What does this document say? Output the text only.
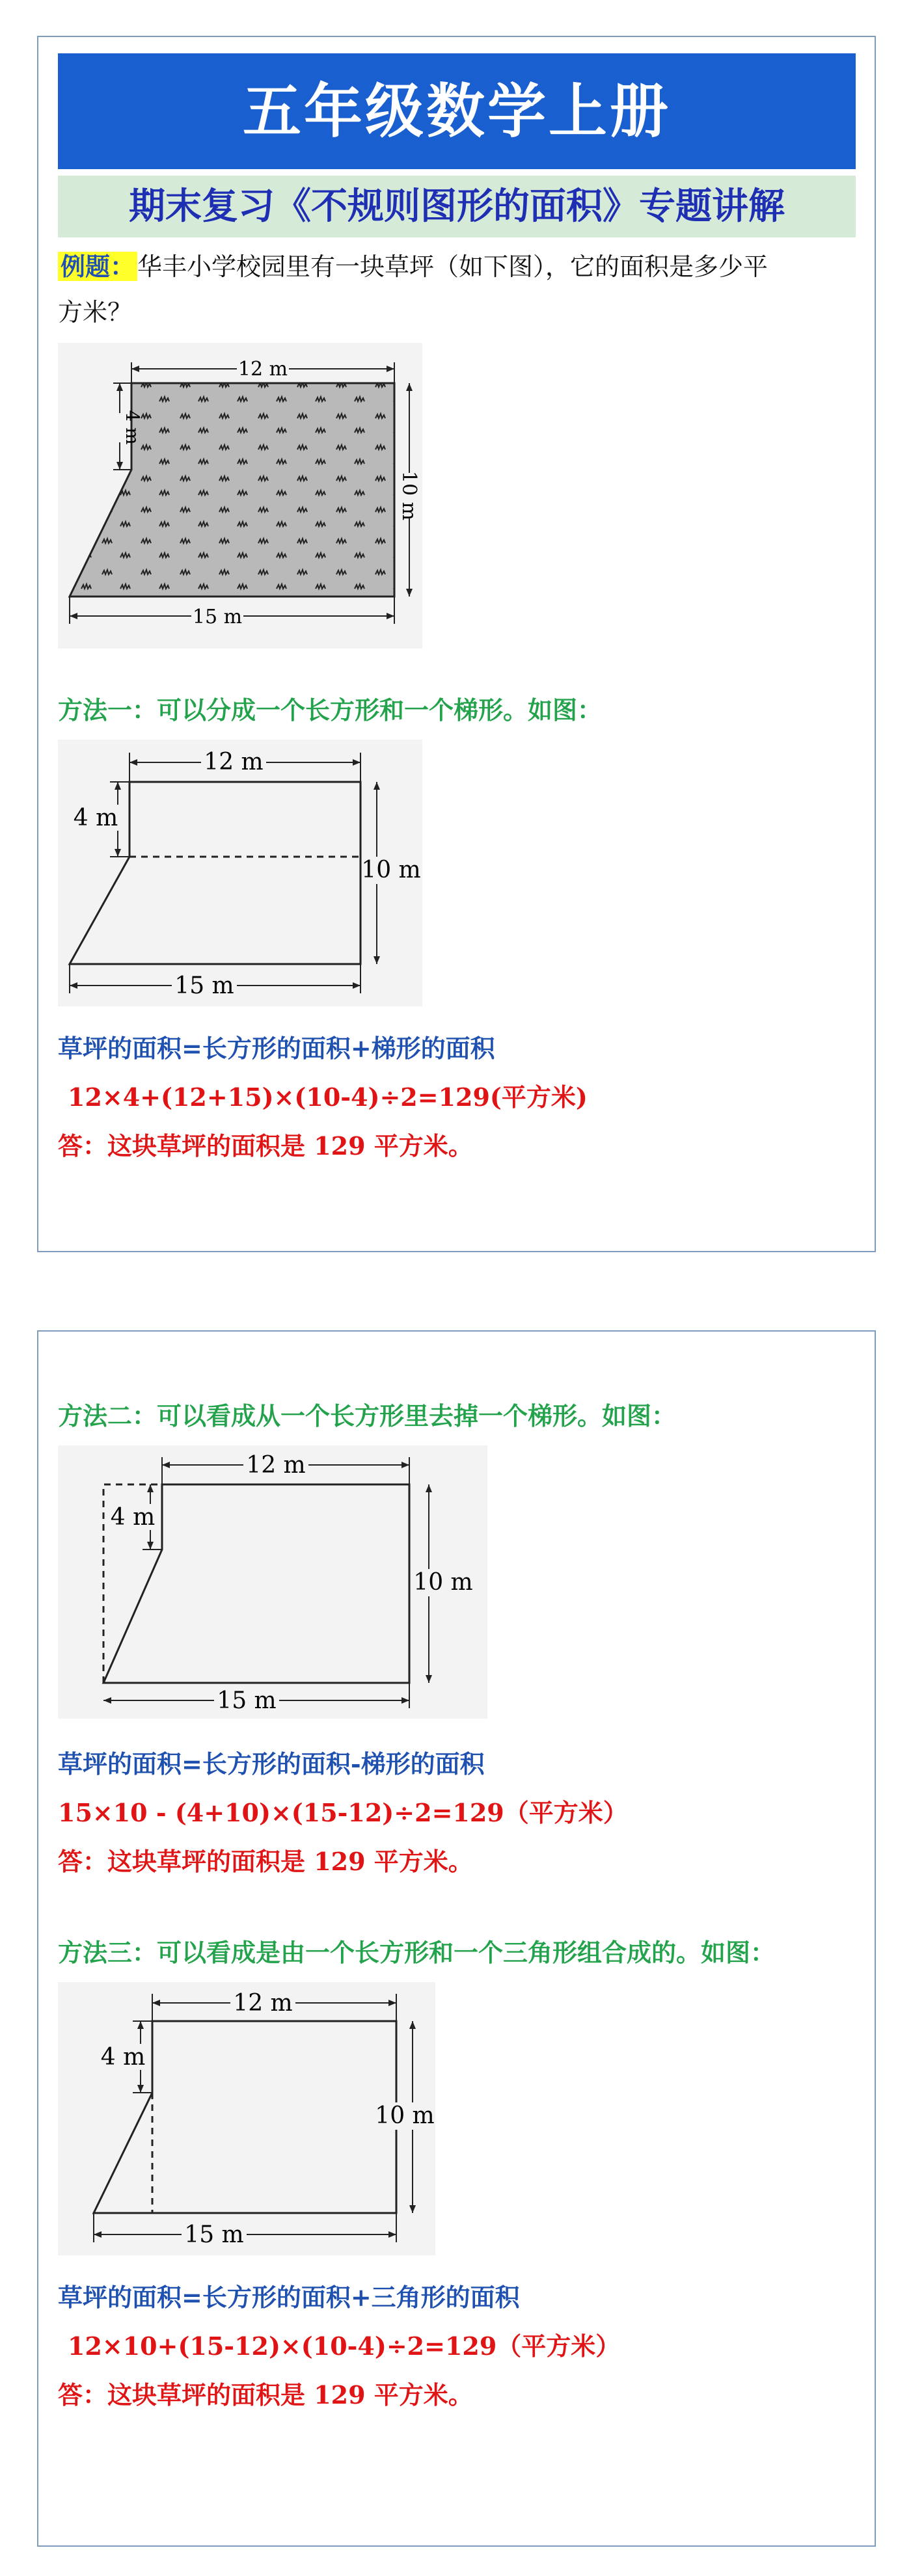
五年级数学上册
期末复习《不规则图形的面积》专题讲解
例题： 华丰小学校园里有一块草坪（如下图），它的面积是多少平
方米？
12 m
4 m
10 m
15 m
方法一：可以分成一个长方形和一个梯形。如图：
12 m
4 m
10 m
15 m
草坪的面积=长方形的面积+梯形的面积
12×4+(12+15)×(10-4)÷2=129(平方米)
答：这块草坪的面积是 129 平方米。
方法二：可以看成从一个长方形里去掉一个梯形。如图：
12 m
4 m
10 m
15 m
草坪的面积=长方形的面积-梯形的面积
15×10 - (4+10)×(15-12)÷2=129（平方米）
答：这块草坪的面积是 129 平方米。
方法三：可以看成是由一个长方形和一个三角形组合成的。如图：
12 m
4 m
10 m
15 m
草坪的面积=长方形的面积+三角形的面积
12×10+(15-12)×(10-4)÷2=129（平方米）
答：这块草坪的面积是 129 平方米。
